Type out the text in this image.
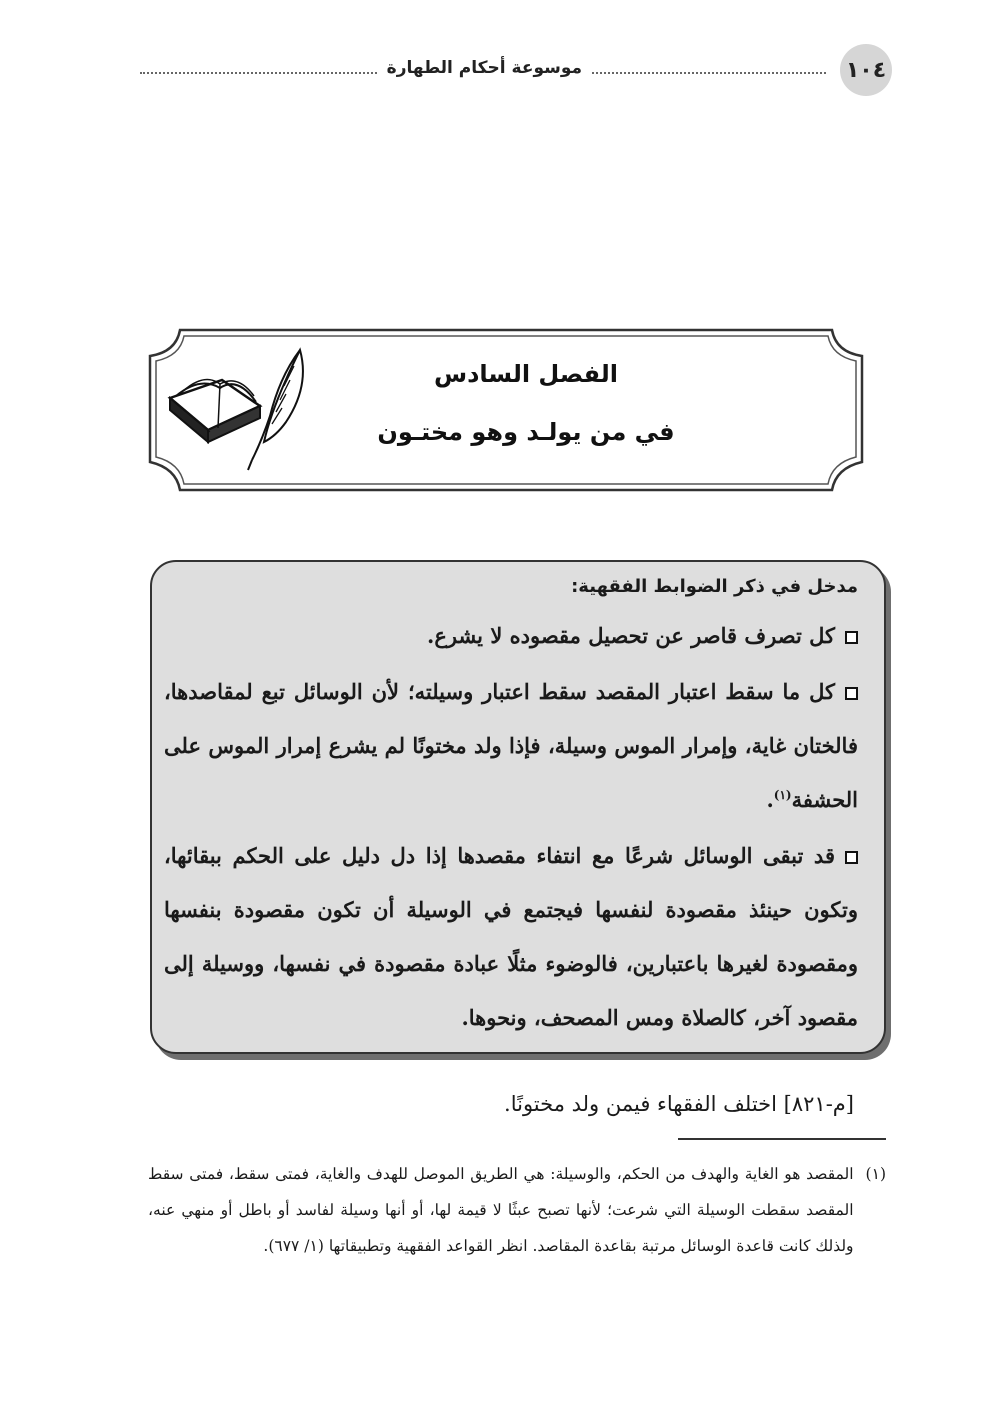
١٠٤
موسوعة أحكام الطهارة
الفصل السادس
في من يولـد وهو مختـون

مدخل في ذكر الضوابط الفقهية:

كل تصرف قاصر عن تحصيل مقصوده لا يشرع.

كل ما سقط اعتبار المقصد سقط اعتبار وسيلته؛ لأن الوسائل تبع لمقاصدها، فالختان غاية، وإمرار الموس وسيلة، فإذا ولد مختونًا لم يشرع إمرار الموس على الحشفة$^{(١)}$.

قد تبقى الوسائل شرعًا مع انتفاء مقصدها إذا دل دليل على الحكم ببقائها، وتكون حينئذ مقصودة لنفسها فيجتمع في الوسيلة أن تكون مقصودة بنفسها ومقصودة لغيرها باعتبارين، فالوضوء مثلًا عبادة مقصودة في نفسها، ووسيلة إلى مقصود آخر، كالصلاة ومس المصحف، ونحوها.

[م-٨٢١] اختلف الفقهاء فيمن ولد مختونًا.

(١)
المقصد هو الغاية والهدف من الحكم، والوسيلة: هي الطريق الموصل للهدف والغاية، فمتى سقط، فمتى سقط المقصد سقطت الوسيلة التي شرعت؛ لأنها تصبح عبثًا لا قيمة لها، أو أنها وسيلة لفاسد أو باطل أو منهي عنه، ولذلك كانت قاعدة الوسائل مرتبة بقاعدة المقاصد. انظر القواعد الفقهية وتطبيقاتها (١/ ٦٧٧).
